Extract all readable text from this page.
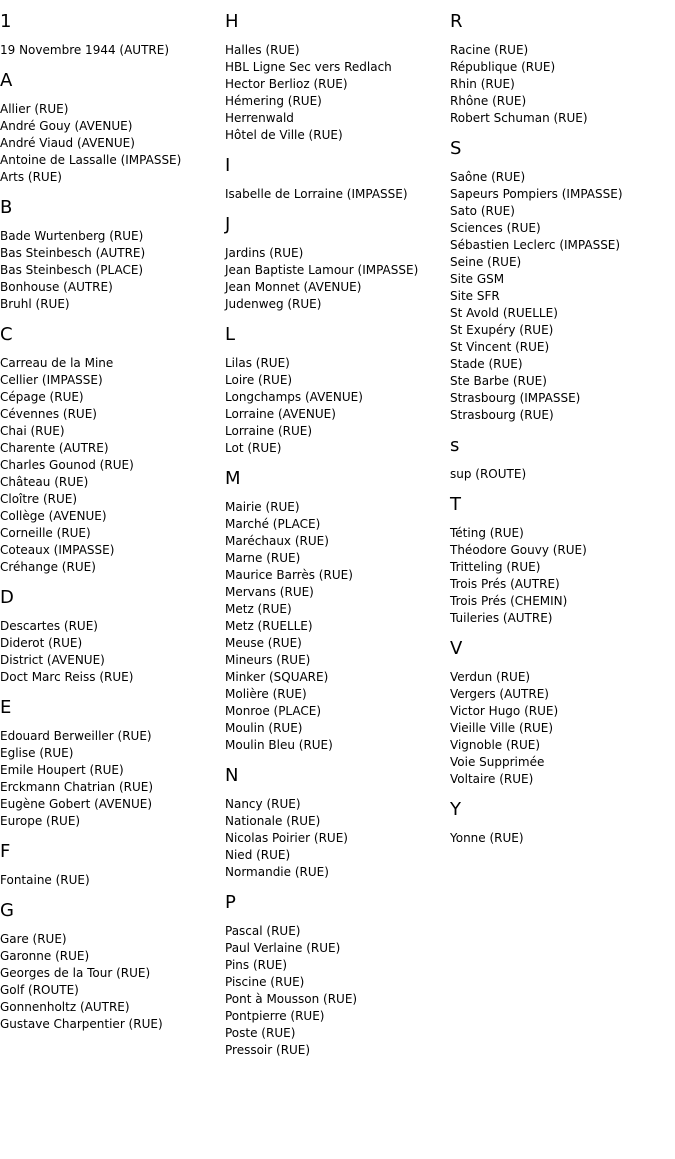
1
19 Novembre 1944 (AUTRE)
A
Allier (RUE)
André Gouy (AVENUE)
André Viaud (AVENUE)
Antoine de Lassalle (IMPASSE)
Arts (RUE)
B
Bade Wurtenberg (RUE)
Bas Steinbesch (AUTRE)
Bas Steinbesch (PLACE)
Bonhouse (AUTRE)
Bruhl (RUE)
C
Carreau de la Mine
Cellier (IMPASSE)
Cépage (RUE)
Cévennes (RUE)
Chai (RUE)
Charente (AUTRE)
Charles Gounod (RUE)
Château (RUE)
Cloître (RUE)
Collège (AVENUE)
Corneille (RUE)
Coteaux (IMPASSE)
Créhange (RUE)
D
Descartes (RUE)
Diderot (RUE)
District (AVENUE)
Doct Marc Reiss (RUE)
E
Edouard Berweiller (RUE)
Eglise (RUE)
Emile Houpert (RUE)
Erckmann Chatrian (RUE)
Eugène Gobert (AVENUE)
Europe (RUE)
F
Fontaine (RUE)
G
Gare (RUE)
Garonne (RUE)
Georges de la Tour (RUE)
Golf (ROUTE)
Gonnenholtz (AUTRE)
Gustave Charpentier (RUE)
H
Halles (RUE)
HBL Ligne Sec vers Redlach
Hector Berlioz (RUE)
Hémering (RUE)
Herrenwald
Hôtel de Ville (RUE)
I
Isabelle de Lorraine (IMPASSE)
J
Jardins (RUE)
Jean Baptiste Lamour (IMPASSE)
Jean Monnet (AVENUE)
Judenweg (RUE)
L
Lilas (RUE)
Loire (RUE)
Longchamps (AVENUE)
Lorraine (AVENUE)
Lorraine (RUE)
Lot (RUE)
M
Mairie (RUE)
Marché (PLACE)
Maréchaux (RUE)
Marne (RUE)
Maurice Barrès (RUE)
Mervans (RUE)
Metz (RUE)
Metz (RUELLE)
Meuse (RUE)
Mineurs (RUE)
Minker (SQUARE)
Molière (RUE)
Monroe (PLACE)
Moulin (RUE)
Moulin Bleu (RUE)
N
Nancy (RUE)
Nationale (RUE)
Nicolas Poirier (RUE)
Nied (RUE)
Normandie (RUE)
P
Pascal (RUE)
Paul Verlaine (RUE)
Pins (RUE)
Piscine (RUE)
Pont à Mousson (RUE)
Pontpierre (RUE)
Poste (RUE)
Pressoir (RUE)
R
Racine (RUE)
République (RUE)
Rhin (RUE)
Rhône (RUE)
Robert Schuman (RUE)
S
Saône (RUE)
Sapeurs Pompiers (IMPASSE)
Sato (RUE)
Sciences (RUE)
Sébastien Leclerc (IMPASSE)
Seine (RUE)
Site GSM
Site SFR
St Avold (RUELLE)
St Exupéry (RUE)
St Vincent (RUE)
Stade (RUE)
Ste Barbe (RUE)
Strasbourg (IMPASSE)
Strasbourg (RUE)
s
sup (ROUTE)
T
Téting (RUE)
Théodore Gouvy (RUE)
Tritteling (RUE)
Trois Prés (AUTRE)
Trois Prés (CHEMIN)
Tuileries (AUTRE)
V
Verdun (RUE)
Vergers (AUTRE)
Victor Hugo (RUE)
Vieille Ville (RUE)
Vignoble (RUE)
Voie Supprimée
Voltaire (RUE)
Y
Yonne (RUE)
